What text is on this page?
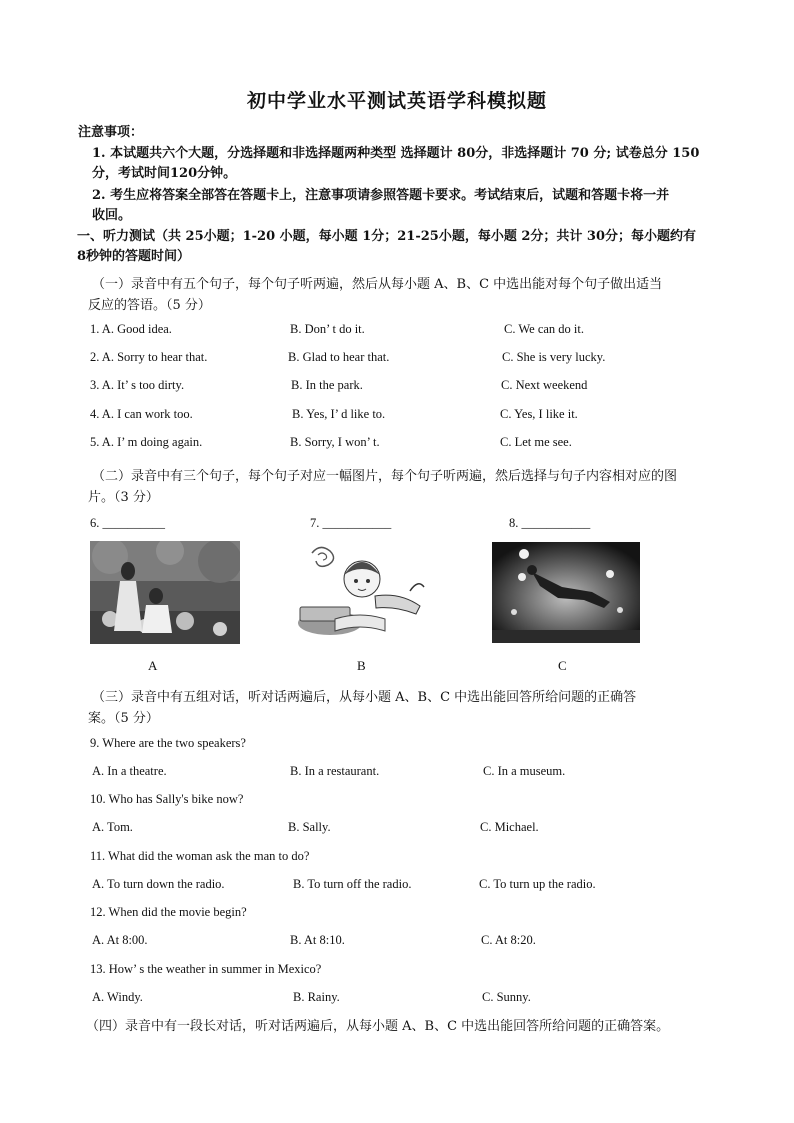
初中学业水平测试英语学科模拟题
注意事项：
1. 本试题共六个大题，分选择题和非选择题两种类型 选择题计 80分，非选择题计 70 分; 试卷总分 150
分，考试时间120分钟。
2. 考生应将答案全部答在答题卡上，注意事项请参照答题卡要求。考试结束后，试题和答题卡将一并
收回。
一、听力测试（共 25小题；1-20 小题，每小题 1分；21-25小题，每小题 2分；共计 30分；每小题约有
8秒钟的答题时间）
（一）录音中有五个句子，每个句子听两遍，然后从每小题 A、B、C 中选出能对每个句子做出适当
反应的答语。（5 分）
1. A. Good idea.	B. Don’ t do it.	C. We can do it.
2. A. Sorry to hear that.	B. Glad to hear that.	C. She is very lucky.
3. A. It’ s too dirty.	B. In the park.	C. Next weekend
4. A. I can work too.	B. Yes, I’ d like to.	C. Yes, I like it.
5. A. I’ m doing again.	B. Sorry, I won’ t.	C. Let me see.
（二）录音中有三个句子，每个句子对应一幅图片，每个句子听两遍，然后选择与句子内容相对应的图
片。（3 分）
6. __________	7. ___________	8. ___________
A	B	C
（三）录音中有五组对话，听对话两遍后，从每小题 A、B、C 中选出能回答所给问题的正确答
案。（5 分）
9. Where are the two speakers?
A. In a theatre.	B. In a restaurant.	C. In a museum.
10. Who has Sally's bike now?
A. Tom.	B. Sally.	C. Michael.
11. What did the woman ask the man to do?
A. To turn down the radio.	B. To turn off the radio.	C. To turn up the radio.
12. When did the movie begin?
A. At 8:00.	B. At 8:10.	C. At 8:20.
13. How’ s the weather in summer in Mexico?
A. Windy.	B. Rainy.	C. Sunny.
（四）录音中有一段长对话，听对话两遍后，从每小题 A、B、C 中选出能回答所给问题的正确答案。
